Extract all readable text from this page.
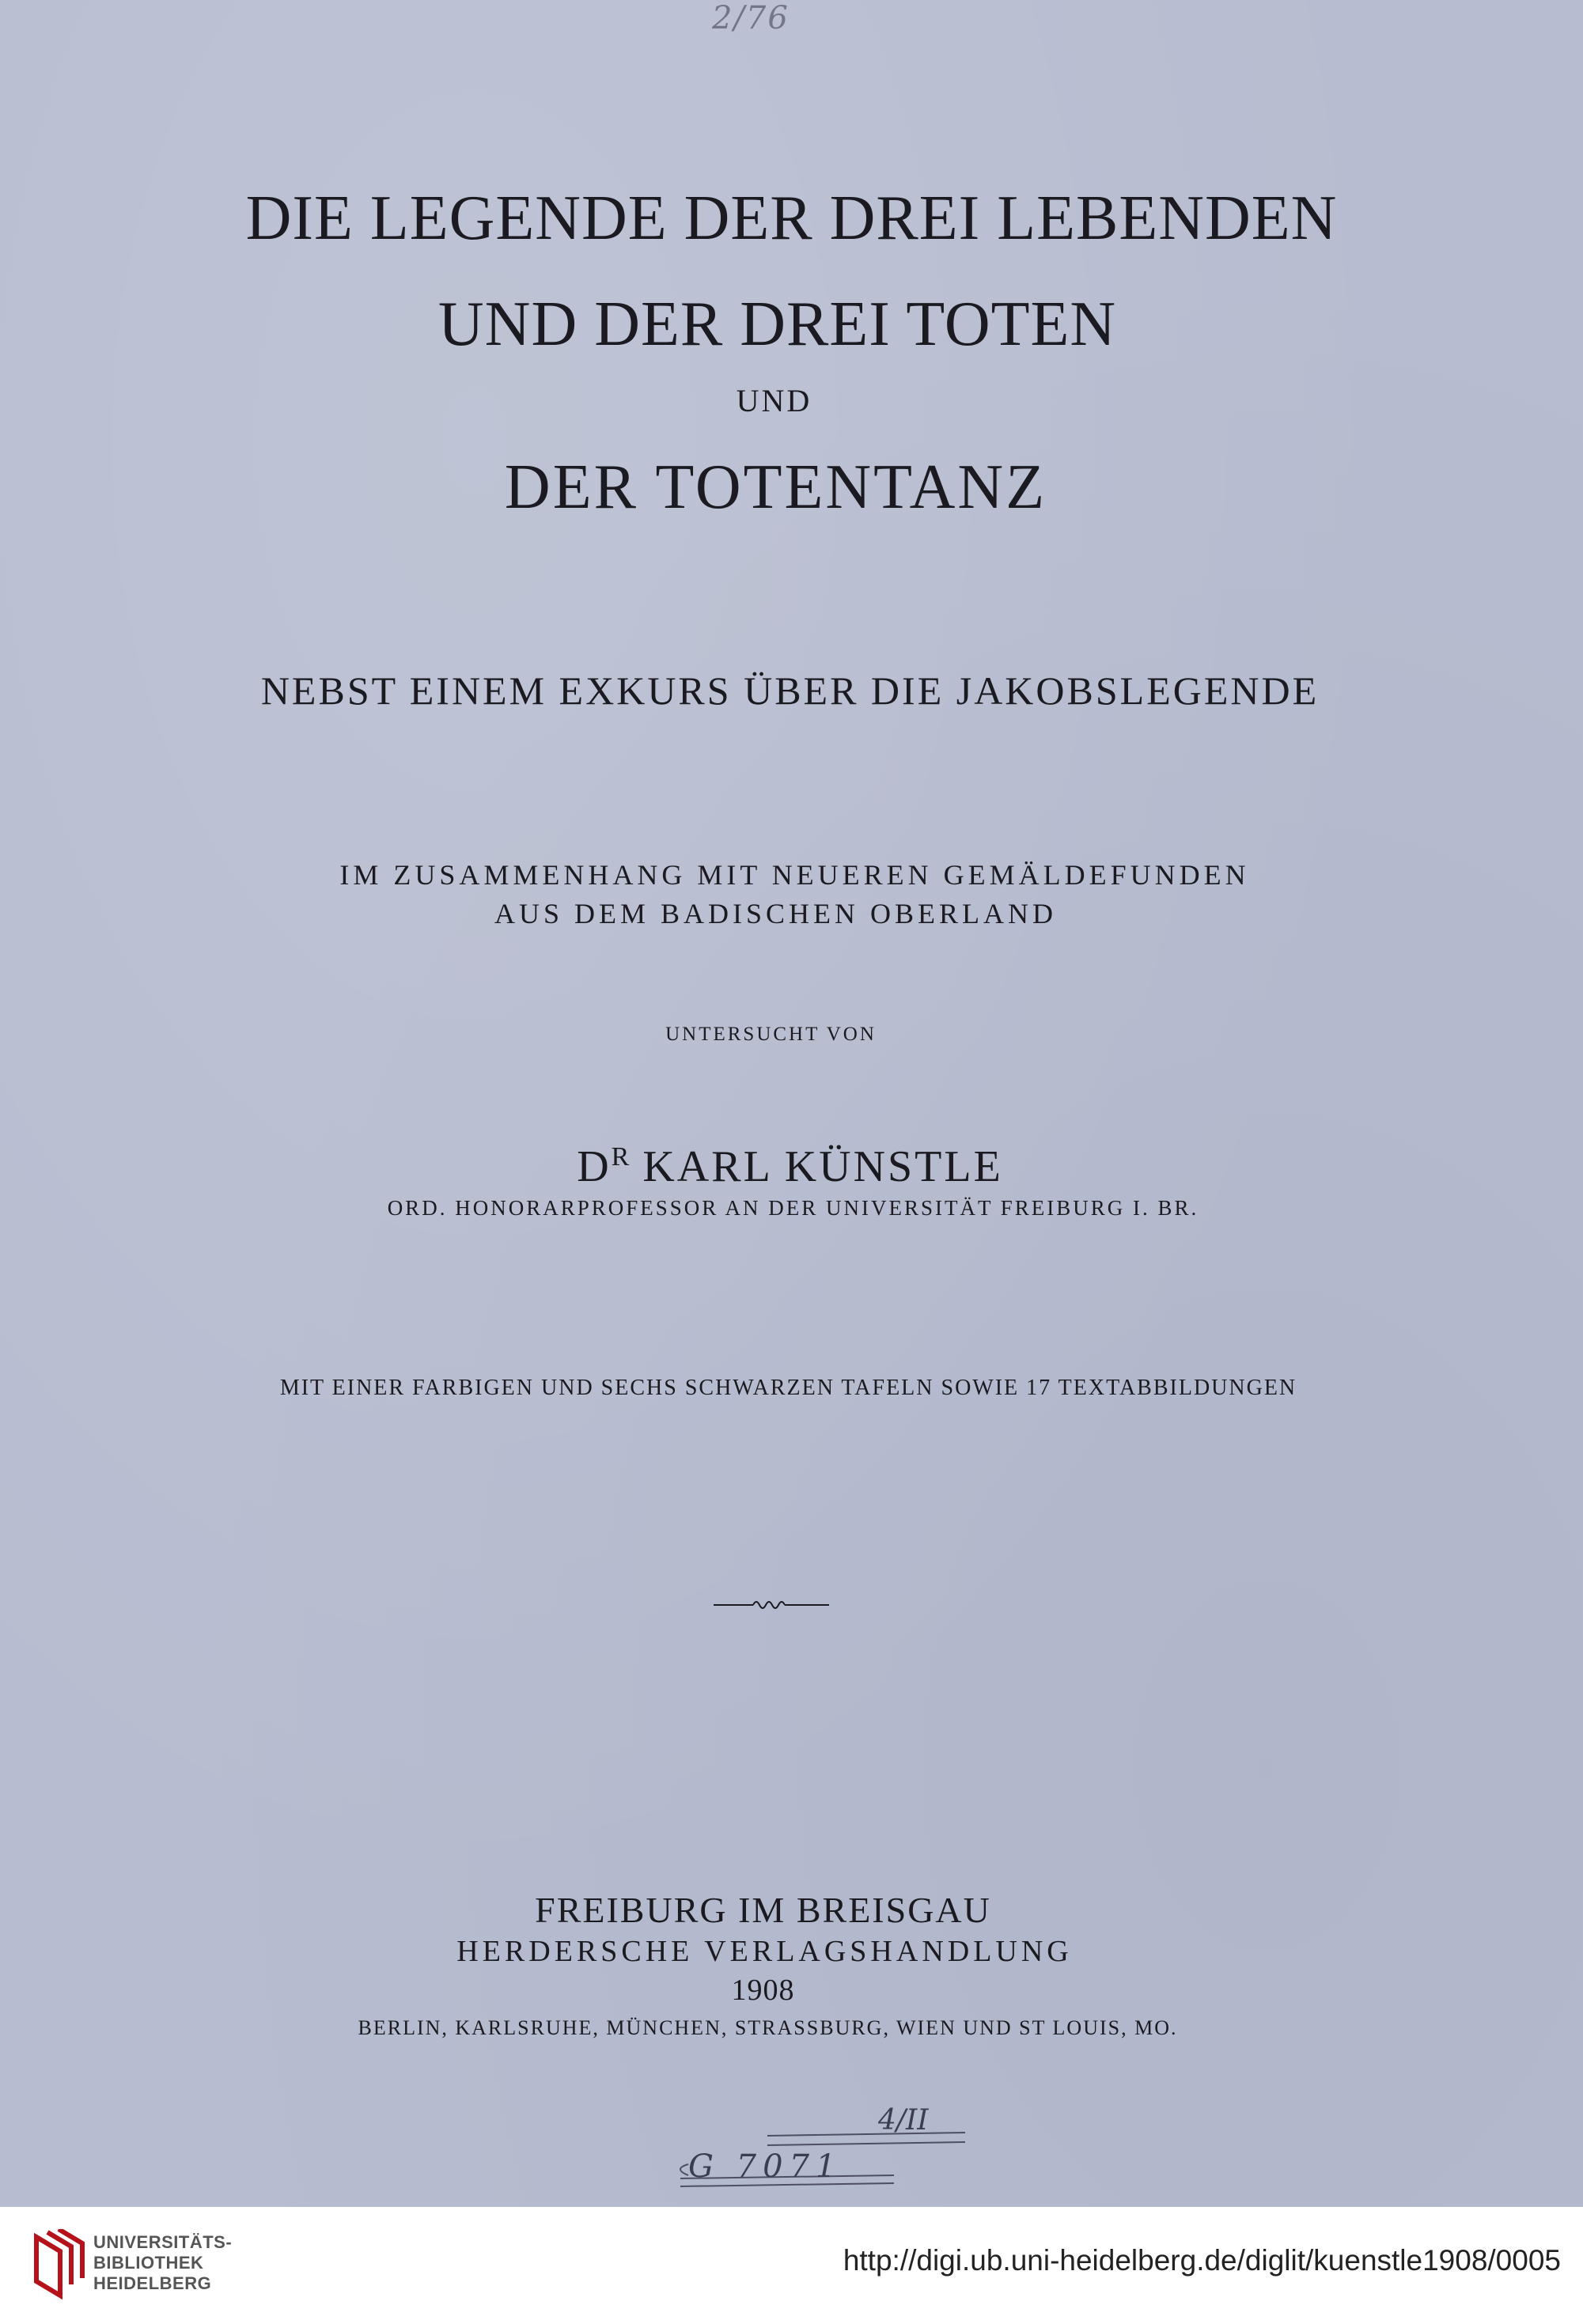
2/76

DIE LEGENDE DER DREI LEBENDEN

UND DER DREI TOTEN

UND

DER TOTENTANZ

NEBST EINEM EXKURS ÜBER DIE JAKOBSLEGENDE

IM ZUSAMMENHANG MIT NEUEREN GEMÄLDEFUNDEN

AUS DEM BADISCHEN OBERLAND

UNTERSUCHT VON

$D^R$ KARL KÜNSTLE

ORD. HONORARPROFESSOR AN DER UNIVERSITÄT FREIBURG I. BR.

MIT EINER FARBIGEN UND SECHS SCHWARZEN TAFELN SOWIE 17 TEXTABBILDUNGEN

FREIBURG IM BREISGAU

HERDERSCHE VERLAGSHANDLUNG

1908

BERLIN, KARLSRUHE, MÜNCHEN, STRASSBURG, WIEN UND ST LOUIS, MO.

4/II
G 7071
UNIVERSITÄTS-
BIBLIOTHEK
HEIDELBERG
http://digi.ub.uni-heidelberg.de/diglit/kuenstle1908/0005
